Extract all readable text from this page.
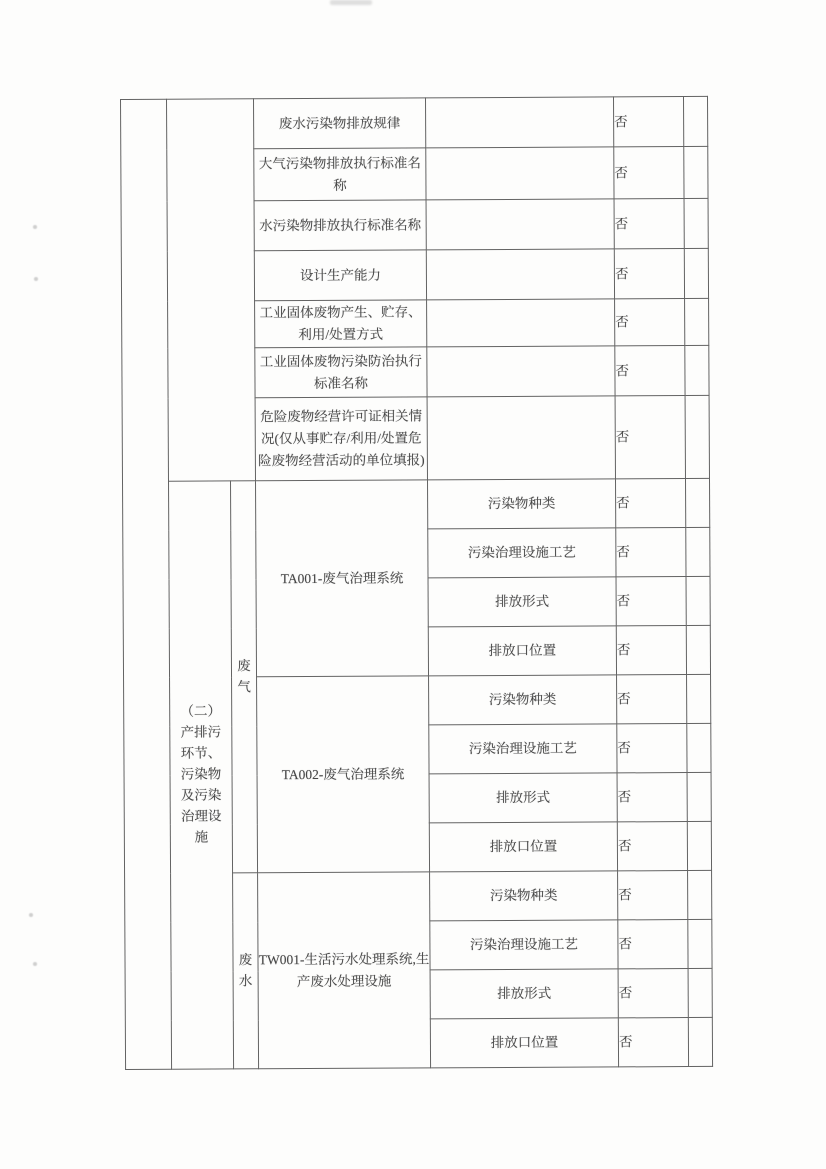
			废水污染物排放规律		否	
			大气污染物排放执行标准名称		否	
			水污染物排放执行标准名称		否	
			设计生产能力		否	
			工业固体废物产生、贮存、利用/处置方式		否	
			工业固体废物污染防治执行标准名称		否	
			危险废物经营许可证相关情况(仅从事贮存/利用/处置危险废物经营活动的单位填报)		否	

	（二）产排污环节、污染物及污染治理设施	废气	TA001-废气治理系统	污染物种类	否	
				污染治理设施工艺	否	
				排放形式	否	
				排放口位置	否	
			TA002-废气治理系统	污染物种类	否	
				污染治理设施工艺	否	
				排放形式	否	
				排放口位置	否	

		废水	TW001-生活污水处理系统,生产废水处理设施	污染物种类	否	
				污染治理设施工艺	否	
				排放形式	否	
				排放口位置	否	
